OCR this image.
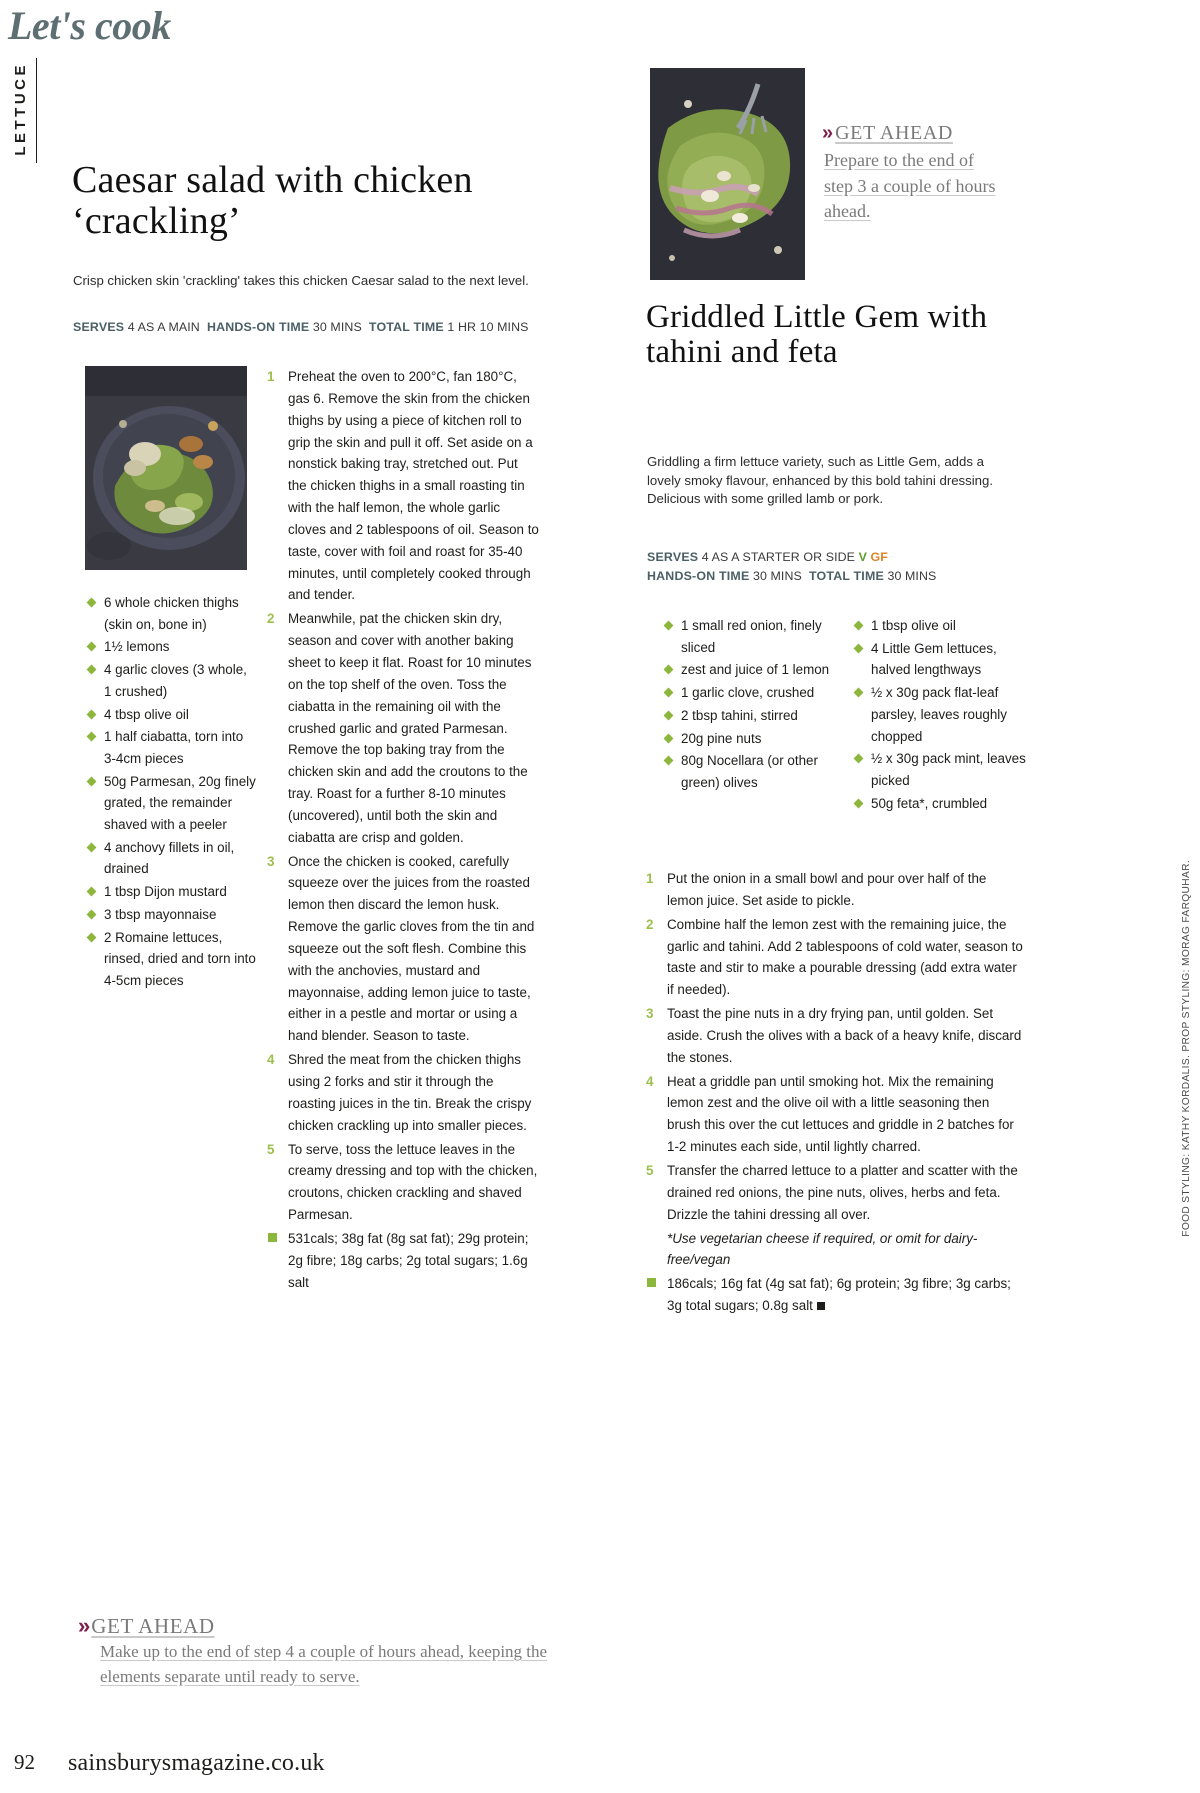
Let's cook
LETTUCE
Caesar salad with chicken ‘crackling’
Crisp chicken skin 'crackling' takes this chicken Caesar salad to the next level.
SERVES 4 AS A MAIN HANDS-ON TIME 30 MINS TOTAL TIME 1 HR 10 MINS
6 whole chicken thighs (skin on, bone in)
1½ lemons
4 garlic cloves (3 whole, 1 crushed)
4 tbsp olive oil
1 half ciabatta, torn into 3-4cm pieces
50g Parmesan, 20g finely grated, the remainder shaved with a peeler
4 anchovy fillets in oil, drained
1 tbsp Dijon mustard
3 tbsp mayonnaise
2 Romaine lettuces, rinsed, dried and torn into 4-5cm pieces
Preheat the oven to 200°C, fan 180°C, gas 6. Remove the skin from the chicken thighs by using a piece of kitchen roll to grip the skin and pull it off. Set aside on a nonstick baking tray, stretched out. Put the chicken thighs in a small roasting tin with the half lemon, the whole garlic cloves and 2 tablespoons of oil. Season to taste, cover with foil and roast for 35-40 minutes, until completely cooked through and tender.
Meanwhile, pat the chicken skin dry, season and cover with another baking sheet to keep it flat. Roast for 10 minutes on the top shelf of the oven. Toss the ciabatta in the remaining oil with the crushed garlic and grated Parmesan. Remove the top baking tray from the chicken skin and add the croutons to the tray. Roast for a further 8-10 minutes (uncovered), until both the skin and ciabatta are crisp and golden.
Once the chicken is cooked, carefully squeeze over the juices from the roasted lemon then discard the lemon husk. Remove the garlic cloves from the tin and squeeze out the soft flesh. Combine this with the anchovies, mustard and mayonnaise, adding lemon juice to taste, either in a pestle and mortar or using a hand blender. Season to taste.
Shred the meat from the chicken thighs using 2 forks and stir it through the roasting juices in the tin. Break the crispy chicken crackling up into smaller pieces.
To serve, toss the lettuce leaves in the creamy dressing and top with the chicken, croutons, chicken crackling and shaved Parmesan.
531cals; 38g fat (8g sat fat); 29g protein; 2g fibre; 18g carbs; 2g total sugars; 1.6g salt
» GET AHEAD
Prepare to the end of step 3 a couple of hours ahead.
Griddled Little Gem with tahini and feta
Griddling a firm lettuce variety, such as Little Gem, adds a lovely smoky flavour, enhanced by this bold tahini dressing. Delicious with some grilled lamb or pork.
SERVES 4 AS A STARTER OR SIDE V GF
HANDS-ON TIME 30 MINS TOTAL TIME 30 MINS
1 small red onion, finely sliced
zest and juice of 1 lemon
1 garlic clove, crushed
2 tbsp tahini, stirred
20g pine nuts
80g Nocellara (or other green) olives
1 tbsp olive oil
4 Little Gem lettuces, halved lengthways
½ x 30g pack flat-leaf parsley, leaves roughly chopped
½ x 30g pack mint, leaves picked
50g feta*, crumbled
Put the onion in a small bowl and pour over half of the lemon juice. Set aside to pickle.
Combine half the lemon zest with the remaining juice, the garlic and tahini. Add 2 tablespoons of cold water, season to taste and stir to make a pourable dressing (add extra water if needed).
Toast the pine nuts in a dry frying pan, until golden. Set aside. Crush the olives with a back of a heavy knife, discard the stones.
Heat a griddle pan until smoking hot. Mix the remaining lemon zest and the olive oil with a little seasoning then brush this over the cut lettuces and griddle in 2 batches for 1-2 minutes each side, until lightly charred.
Transfer the charred lettuce to a platter and scatter with the drained red onions, the pine nuts, olives, herbs and feta. Drizzle the tahini dressing all over.
*Use vegetarian cheese if required, or omit for dairy-free/vegan
186cals; 16g fat (4g sat fat); 6g protein; 3g fibre; 3g carbs; 3g total sugars; 0.8g salt
FOOD STYLING: KATHY KORDALIS. PROP STYLING: MORAG FARQUHAR.
» GET AHEAD
Make up to the end of step 4 a couple of hours ahead, keeping the elements separate until ready to serve.
92 sainsburysmagazine.co.uk
